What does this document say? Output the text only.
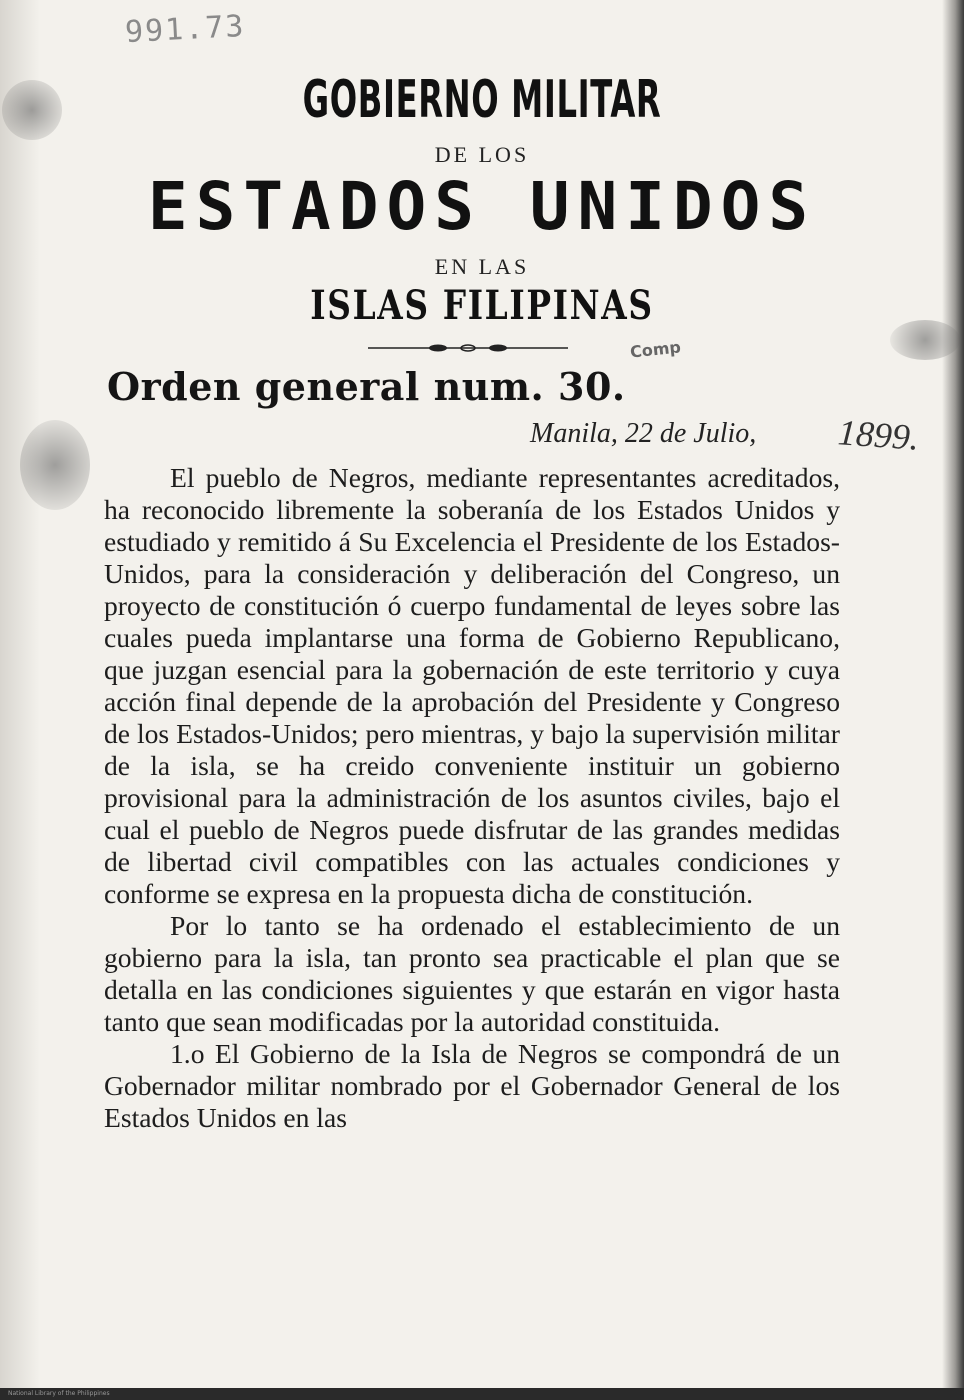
991.73
GOBIERNO MILITAR
DE LOS
ESTADOS UNIDOS
EN LAS
ISLAS FILIPINAS
Comp
Orden general num. 30.
Manila, 22 de Julio, 1899.

El pueblo de Negros, mediante representantes acreditados, ha reconocido libremente la soberanía de los Estados Unidos y estudiado y remitido á Su Excelencia el Presidente de los Estados-Unidos, para la consideración y deliberación del Congreso, un proyecto de constitución ó cuerpo fundamental de leyes sobre las cuales pueda implantarse una forma de Gobierno Republicano, que juzgan esencial para la gobernación de este territorio y cuya acción final depende de la aprobación del Presidente y Congreso de los Estados-Unidos; pero mientras, y bajo la supervisión militar de la isla, se ha creido conveniente instituir un gobierno provisional para la administración de los asuntos civiles, bajo el cual el pueblo de Negros puede disfrutar de las grandes medidas de libertad civil compatibles con las actuales condiciones y conforme se expresa en la propuesta dicha de constitución.

Por lo tanto se ha ordenado el establecimiento de un gobierno para la isla, tan pronto sea practicable el plan que se detalla en las condiciones siguientes y que estarán en vigor hasta tanto que sean modificadas por la autoridad constituida.

1.o El Gobierno de la Isla de Negros se compondrá de un Gobernador militar nombrado por el Gobernador General de los Estados Unidos en las

National Library of the Philippines
